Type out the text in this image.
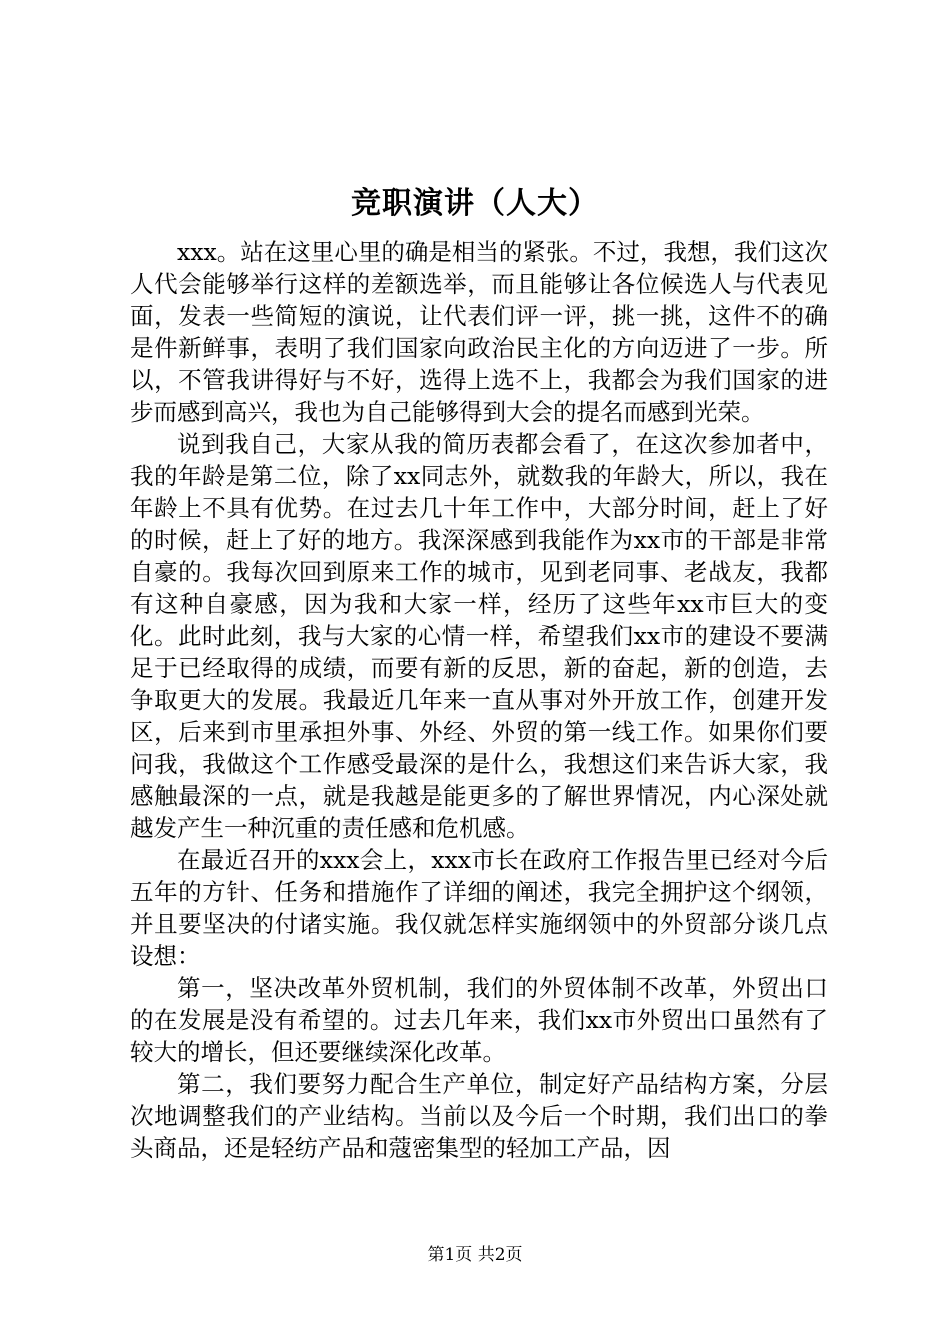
竞职演讲（人大）

xxx。站在这里心里的确是相当的紧张。不过，我想，我们这次人代会能够举行这样的差额选举，而且能够让各位候选人与代表见面，发表一些简短的演说，让代表们评一评，挑一挑，这件不的确是件新鲜事，表明了我们国家向政治民主化的方向迈进了一步。所以，不管我讲得好与不好，选得上选不上，我都会为我们国家的进步而感到高兴，我也为自己能够得到大会的提名而感到光荣。

说到我自己，大家从我的简历表都会看了，在这次参加者中，我的年龄是第二位，除了xx同志外，就数我的年龄大，所以，我在年龄上不具有优势。在过去几十年工作中，大部分时间，赶上了好的时候，赶上了好的地方。我深深感到我能作为xx市的干部是非常自豪的。我每次回到原来工作的城市，见到老同事、老战友，我都有这种自豪感，因为我和大家一样，经历了这些年xx市巨大的变化。此时此刻，我与大家的心情一样，希望我们xx市的建设不要满足于已经取得的成绩，而要有新的反思，新的奋起，新的创造，去争取更大的发展。我最近几年来一直从事对外开放工作，创建开发区，后来到市里承担外事、外经、外贸的第一线工作。如果你们要问我，我做这个工作感受最深的是什么，我想这们来告诉大家，我感触最深的一点，就是我越是能更多的了解世界情况，内心深处就越发产生一种沉重的责任感和危机感。

在最近召开的xxx会上，xxx市长在政府工作报告里已经对今后五年的方针、任务和措施作了详细的阐述，我完全拥护这个纲领，并且要坚决的付诸实施。我仅就怎样实施纲领中的外贸部分谈几点设想：

第一，坚决改革外贸机制，我们的外贸体制不改革，外贸出口的在发展是没有希望的。过去几年来，我们xx市外贸出口虽然有了较大的增长，但还要继续深化改革。

第二，我们要努力配合生产单位，制定好产品结构方案，分层次地调整我们的产业结构。当前以及今后一个时期，我们出口的拳头商品，还是轻纺产品和蔻密集型的轻加工产品，因

第1页 共2页
